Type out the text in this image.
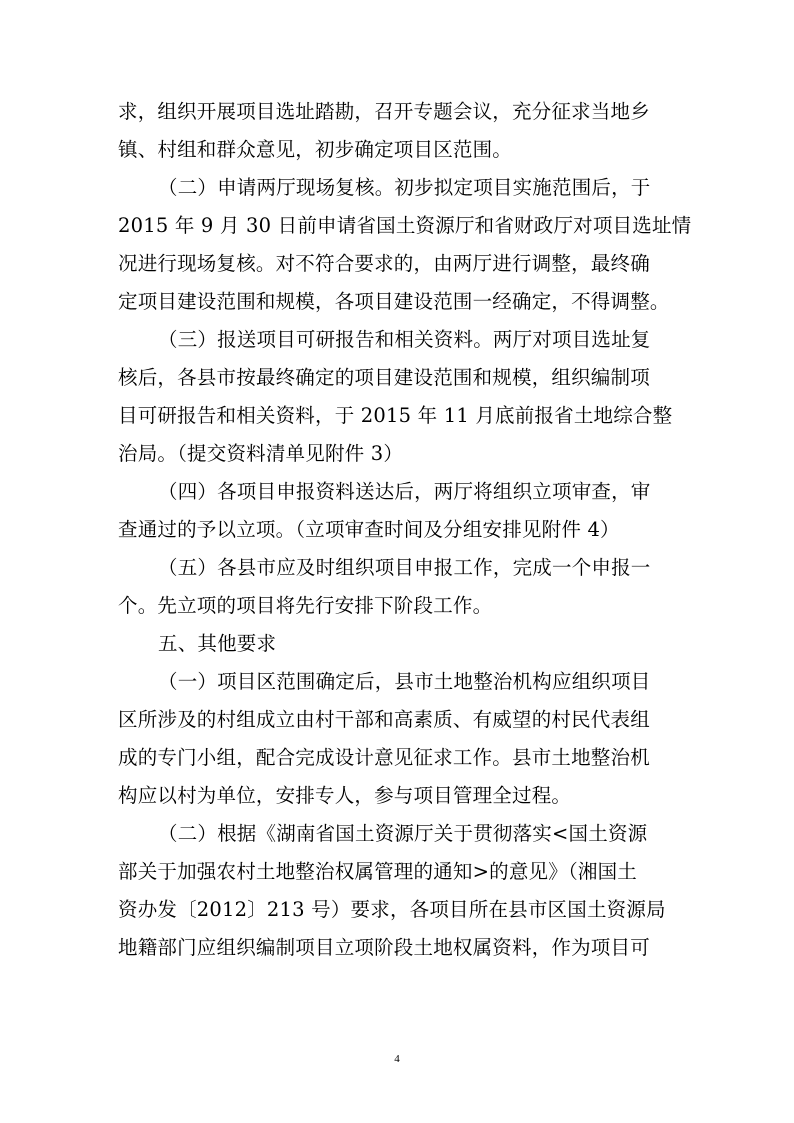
求，组织开展项目选址踏勘，召开专题会议，充分征求当地乡
镇、村组和群众意见，初步确定项目区范围。
（二）申请两厅现场复核。初步拟定项目实施范围后，于
2015 年 9 月 30 日前申请省国土资源厅和省财政厅对项目选址情
况进行现场复核。对不符合要求的，由两厅进行调整，最终确
定项目建设范围和规模，各项目建设范围一经确定，不得调整。
（三）报送项目可研报告和相关资料。两厅对项目选址复
核后，各县市按最终确定的项目建设范围和规模，组织编制项
目可研报告和相关资料，于 2015 年 11 月底前报省土地综合整
治局。（提交资料清单见附件 3）
（四）各项目申报资料送达后，两厅将组织立项审查，审
查通过的予以立项。（立项审查时间及分组安排见附件 4）
（五）各县市应及时组织项目申报工作，完成一个申报一
个。先立项的项目将先行安排下阶段工作。
五、其他要求
（一）项目区范围确定后，县市土地整治机构应组织项目
区所涉及的村组成立由村干部和高素质、有威望的村民代表组
成的专门小组，配合完成设计意见征求工作。县市土地整治机
构应以村为单位，安排专人，参与项目管理全过程。
（二）根据《湖南省国土资源厅关于贯彻落实<国土资源
部关于加强农村土地整治权属管理的通知>的意见》（湘国土
资办发〔2012〕213 号）要求，各项目所在县市区国土资源局
地籍部门应组织编制项目立项阶段土地权属资料，作为项目可
4
